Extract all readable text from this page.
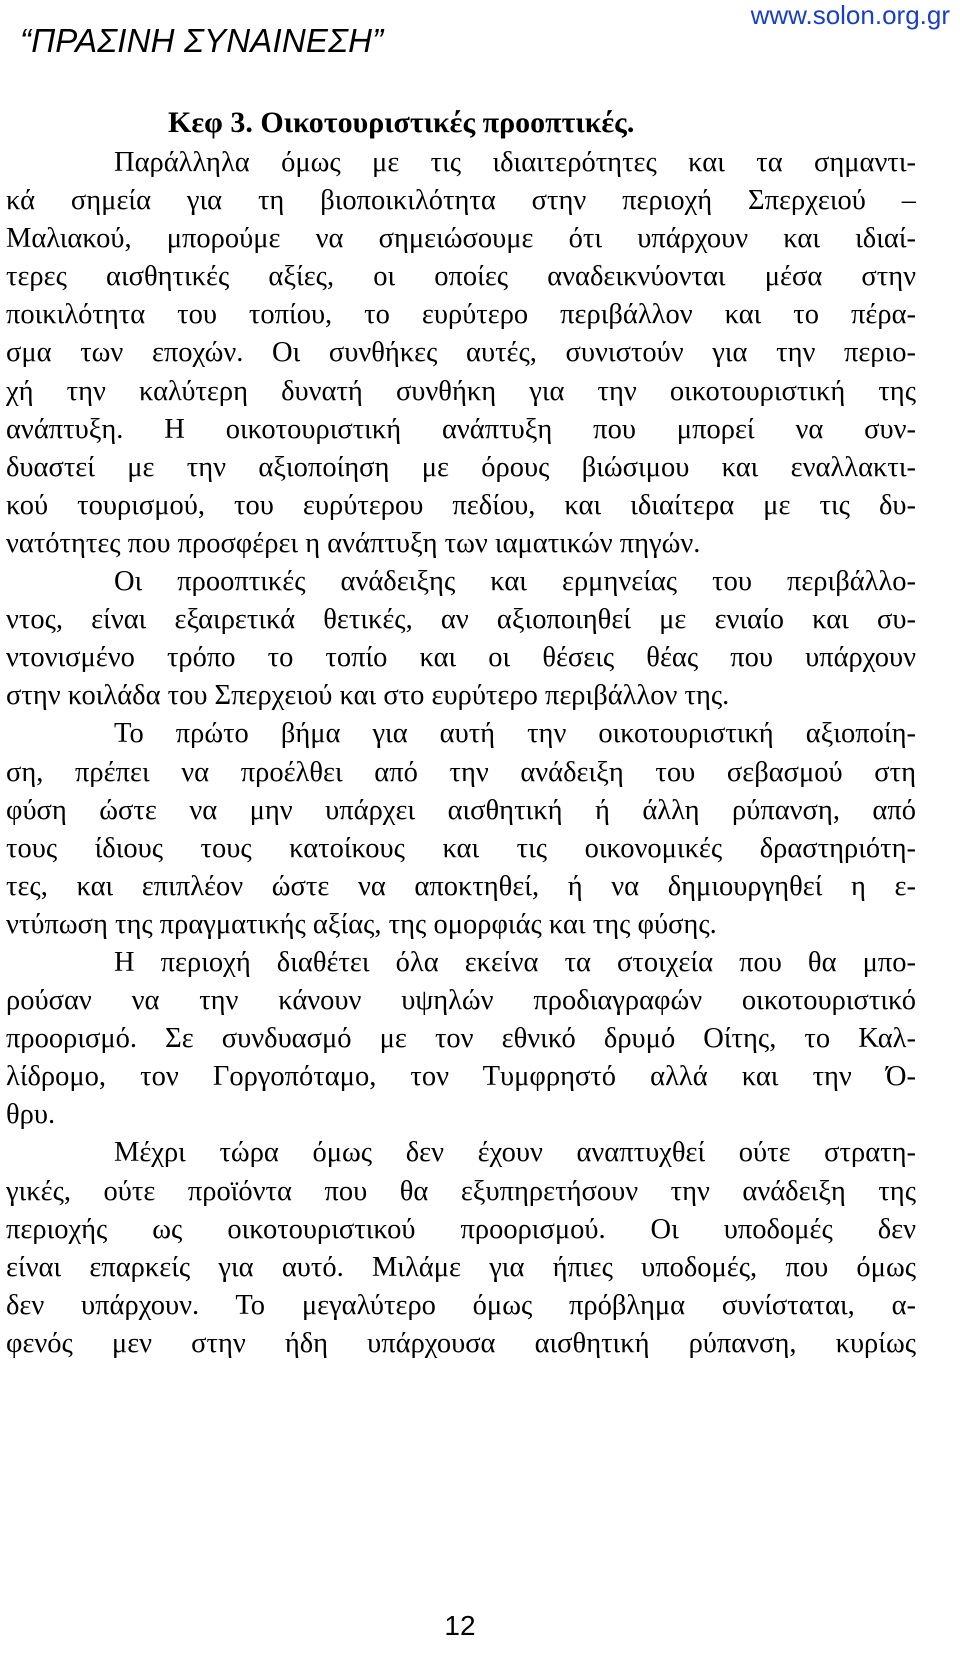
“ΠΡΑΣΙΝΗ ΣΥΝΑΙΝΕΣΗ”
www.solon.org.gr
Κεφ 3. Οικοτουριστικές προοπτικές.
Παράλληλα όμως με τις ιδιαιτερότητες και τα σημαντι-
κά σημεία για τη βιοποικιλότητα στην περιοχή Σπερχειού –
Μαλιακού, μπορούμε να σημειώσουμε ότι υπάρχουν και ιδιαί-
τερες αισθητικές αξίες, οι οποίες αναδεικνύονται μέσα στην
ποικιλότητα του τοπίου, το ευρύτερο περιβάλλον και το πέρα-
σμα των εποχών. Οι συνθήκες αυτές, συνιστούν για την περιο-
χή την καλύτερη δυνατή συνθήκη για την οικοτουριστική της
ανάπτυξη. Η οικοτουριστική ανάπτυξη που μπορεί να συν-
δυαστεί με την αξιοποίηση με όρους βιώσιμου και εναλλακτι-
κού τουρισμού, του ευρύτερου πεδίου, και ιδιαίτερα με τις δυ-
νατότητες που προσφέρει η ανάπτυξη των ιαματικών πηγών.
Οι προοπτικές ανάδειξης και ερμηνείας του περιβάλλο-
ντος, είναι εξαιρετικά θετικές, αν αξιοποιηθεί με ενιαίο και συ-
ντονισμένο τρόπο το τοπίο και οι θέσεις θέας που υπάρχουν
στην κοιλάδα του Σπερχειού και στο ευρύτερο περιβάλλον της.
Το πρώτο βήμα για αυτή την οικοτουριστική αξιοποίη-
ση, πρέπει να προέλθει από την ανάδειξη του σεβασμού στη
φύση ώστε να μην υπάρχει αισθητική ή άλλη ρύπανση, από
τους ίδιους τους κατοίκους και τις οικονομικές δραστηριότη-
τες, και επιπλέον ώστε να αποκτηθεί, ή να δημιουργηθεί η ε-
ντύπωση της πραγματικής αξίας, της ομορφιάς και της φύσης.
Η περιοχή διαθέτει όλα εκείνα τα στοιχεία που θα μπο-
ρούσαν να την κάνουν υψηλών προδιαγραφών οικοτουριστικό
προορισμό. Σε συνδυασμό με τον εθνικό δρυμό Οίτης, το Καλ-
λίδρομο, τον Γοργοπόταμο, τον Τυμφρηστό αλλά και την Ό-
θρυ.
Μέχρι τώρα όμως δεν έχουν αναπτυχθεί ούτε στρατη-
γικές, ούτε προϊόντα που θα εξυπηρετήσουν την ανάδειξη της
περιοχής ως οικοτουριστικού προορισμού. Οι υποδομές δεν
είναι επαρκείς για αυτό. Μιλάμε για ήπιες υποδομές, που όμως
δεν υπάρχουν. Το μεγαλύτερο όμως πρόβλημα συνίσταται, α-
φενός μεν στην ήδη υπάρχουσα αισθητική ρύπανση, κυρίως
12
